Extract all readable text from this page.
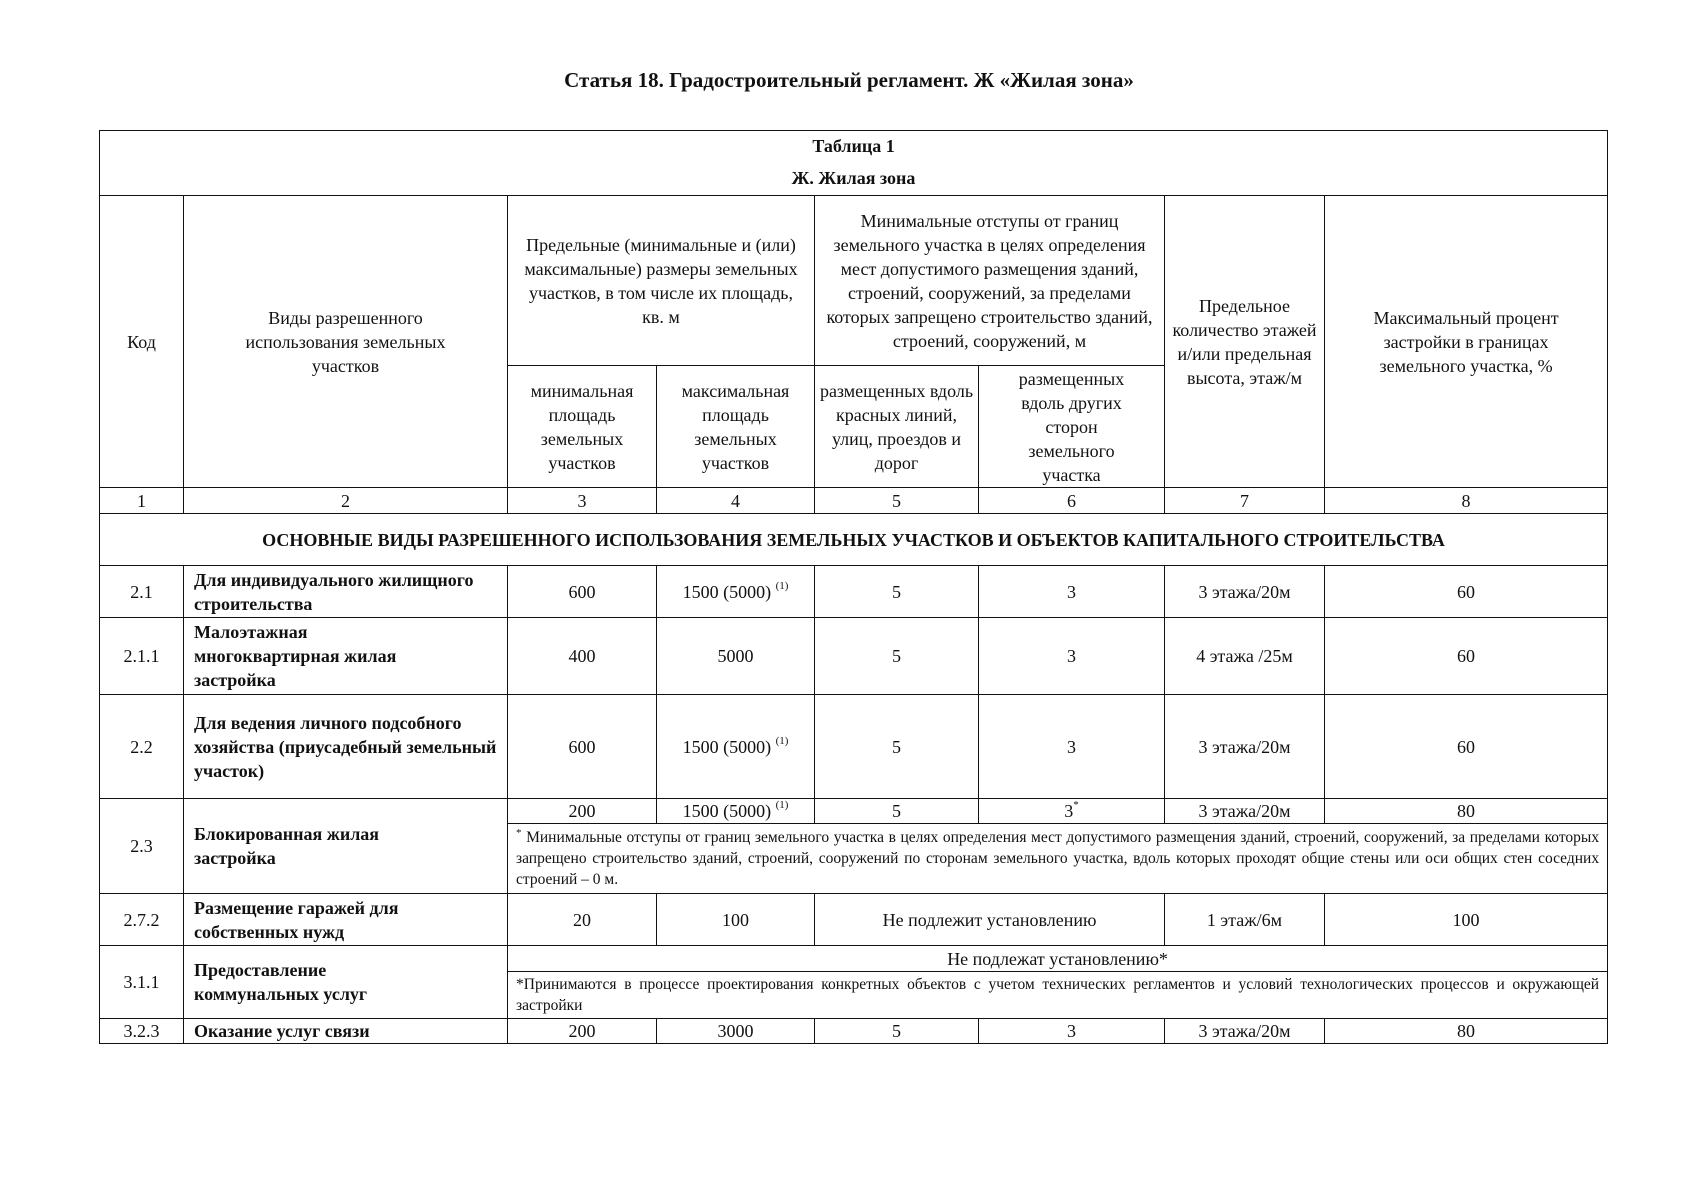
Статья 18. Градостроительный регламент. Ж «Жилая зона»
Таблица 1							
Ж. Жилая зона							
Код	Виды разрешенного использования земельных участков	Предельные (минимальные и (или) максимальные) размеры земельных участков, в том числе их площадь, кв. м		Минимальные отступы от границ земельного участка в целях определения мест допустимого размещения зданий, строений, сооружений, за пределами которых запрещено строительство зданий, строений, сооружений, м		Предельное количество этажей и/или предельная высота, этаж/м	Максимальный процент застройки в границах земельного участка, %
		минимальная площадь земельных участков	максимальная площадь земельных участков	размещенных вдоль красных линий, улиц, проездов и дорог	размещенных вдоль других сторон земельного участка		
1	2	3	4	5	6	7	8
ОСНОВНЫЕ ВИДЫ РАЗРЕШЕННОГО ИСПОЛЬЗОВАНИЯ ЗЕМЕЛЬНЫХ УЧАСТКОВ И ОБЪЕКТОВ КАПИТАЛЬНОГО СТРОИТЕЛЬСТВА							
2.1	Для индивидуального жилищного строительства	600	1500 (5000) $^{(1)}$	5	3	3 этажа/20м	60
2.1.1	Малоэтажная многоквартирная жилая застройка	400	5000	5	3	4 этажа /25м	60
2.2	Для ведения личного подсобного хозяйства (приусадебный земельный участок)	600	1500 (5000) $^{(1)}$	5	3	3 этажа/20м	60
2.3	Блокированная жилая застройка	200	1500 (5000) $^{(1)}$	5	3*	3 этажа/20м	80
		* Минимальные отступы от границ земельного участка в целях определения мест допустимого размещения зданий, строений, сооружений, за пределами которых запрещено строительство зданий, строений, сооружений по сторонам земельного участка, вдоль которых проходят общие стены или оси общих стен соседних строений – 0 м.					
2.7.2	Размещение гаражей для собственных нужд	20	100	Не подлежит установлению		1 этаж/6м	100
3.1.1	Предоставление коммунальных услуг	Не подлежат установлению*					
		*Принимаются в процессе проектирования конкретных объектов с учетом технических регламентов и условий технологических процессов и окружающей застройки					
3.2.3	Оказание услуг связи	200	3000	5	3	3 этажа/20м	80
